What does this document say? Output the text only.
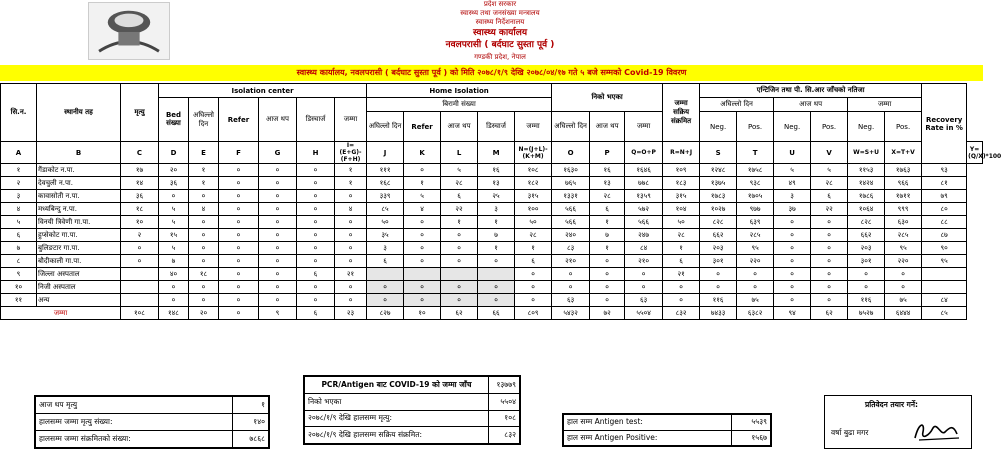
प्रदेश सरकार
स्वास्थ्य तथा जनसंख्या मन्त्रालय
स्वास्थ्य निर्देशनालय
स्वास्थ्य कार्यालय
नवलपरासी ( बर्दघाट सुस्ता पूर्व )
गण्डकी प्रदेश, नेपाल
स्वास्थ्य कार्यालय, नवलपरासी ( बर्दघाट सुस्ता पूर्व ) को मिति २०७८/१/९ देखि २०७८/०४/१७ गते ५ बजे सम्मको Covid-19 विवरण
सि.न.	स्थानीय तह	मृत्यु	Isolation center						Home Isolation					निको भएका			जम्मा
सक्रिय
संक्रमित	एन्टिजिन तथा पी. सि.आर जाँचको नतिजा						Recovery Rate in %	
			Bed संख्या	अघिल्लो दिन	Refer	आज थप	डिस्चार्ज	जम्मा	बिरामी संख्या									अघिल्लो दिन		आज थप		जम्मा			
									अघिल्लो दिन	Refer	आज थप	डिस्चार्ज	जम्मा	अघिल्लो दिन	आज थप	जम्मा		Neg.	Pos.	Neg.	Pos.	Neg.	Pos.		
A	B	C	D	E	F	G	H	I=(E+G)-(F+H)	J	K	L	M	N=(J+L)-(K+M)	O	P	Q=O+P	R=N+J	S	T	U	V	W=S+U	X=T+V		Y=(Q/X)*100
१	गैंडाकोट न.पा.	१७	२०	१	०	०	०	१	१११	०	५	१६	१०८	१६३०	१६	१६४६	१०९	१२४८	१७५८	५	५	११५३	१७६३	९३	
२	देवचुली न.पा.	१४	३६	१	०	०	०	१	१६८	१	२८	१३	१८२	७६५	१३	७७८	१८३	१३७५	९३८	४९	२८	१४२४	९६६	८१	
३	कावासोती न.पा.	३६	०	०	०	०	०	०	३३९	५	६	२५	३१५	१३३१	२८	१३५९	३१५	१७८३	१७०५	३	६	१७८६	१७११	७९	
४	मध्यबिन्दु न.पा.	१८	५	४	०	०	०	४	८५	४	२२	३	१००	५६६	६	५७२	१०४	१०२७	९७७	३७	२२	१०६४	९९९	८०	
५	विनयी त्रिवेणी गा.पा.	१०	५	०	०	०	०	०	५०	०	१	१	५०	५६६	१	५६६	५०	८२८	६३९	०	०	८२८	६३०	८८	
६	हुप्सेकोट गा.पा.	२	१५	०	०	०	०	०	३५	०	०	७	२८	२४०	७	२४७	२८	६६२	२८५	०	०	६६२	२८५	८७	
७	बुलिङटार गा.पा.	०	५	०	०	०	०	०	३	०	०	१	१	८३	१	८४	१	२०३	९५	०	०	२०३	९५	९०	
८	बौदीकाली गा.पा.	०	७	०	०	०	०	०	६	०	०	०	६	२१०	०	२१०	६	३०१	२२०	०	०	३०१	२२०	९५	
९	जिल्ला अस्पताल		४०	१८	०	०	६	२१					०	०	०	०	२१	०	०	०	०	०	०		
१०	निजी अस्पताल		०	०	०	०	०	०	०	०	०	०	०	०	०	०	०	०	०	०	०	०	०		
११	अन्य		०	०	०	०	०	०	०	०	०	०	०	६३	०	६३	०	११६	७५	०	०	११६	७५	८४	
जम्मा		१०८	१४८	२०	०	९	६	२३	८२७	१०	६२	६६	८०९	५४३२	७२	५५०४	८३२	७४३३	६३८२	९४	६२	७५२७	६४४४	८५	
PCR/Antigen बाट COVID-19 को जम्मा जाँच	१३७७९
निको भएका	५५०४
२०७८/१/९ देखि हालसम्म मृत्यु:	१०८
२०७८/१/९ देखि हालसम्म सक्रिय संक्रमित:	८३२
आज थप मृत्यु	१
हालसम्म जम्मा मृत्यु संख्या:	१४०
हालसम्म जम्मा संक्रमितको संख्या:	७८६८
हाल सम्म Antigen test:	५५३९
हाल सम्म Antigen Positive:	१५६७
प्रतिवेदन तयार गर्ने:
वर्षा बुढा मगर
